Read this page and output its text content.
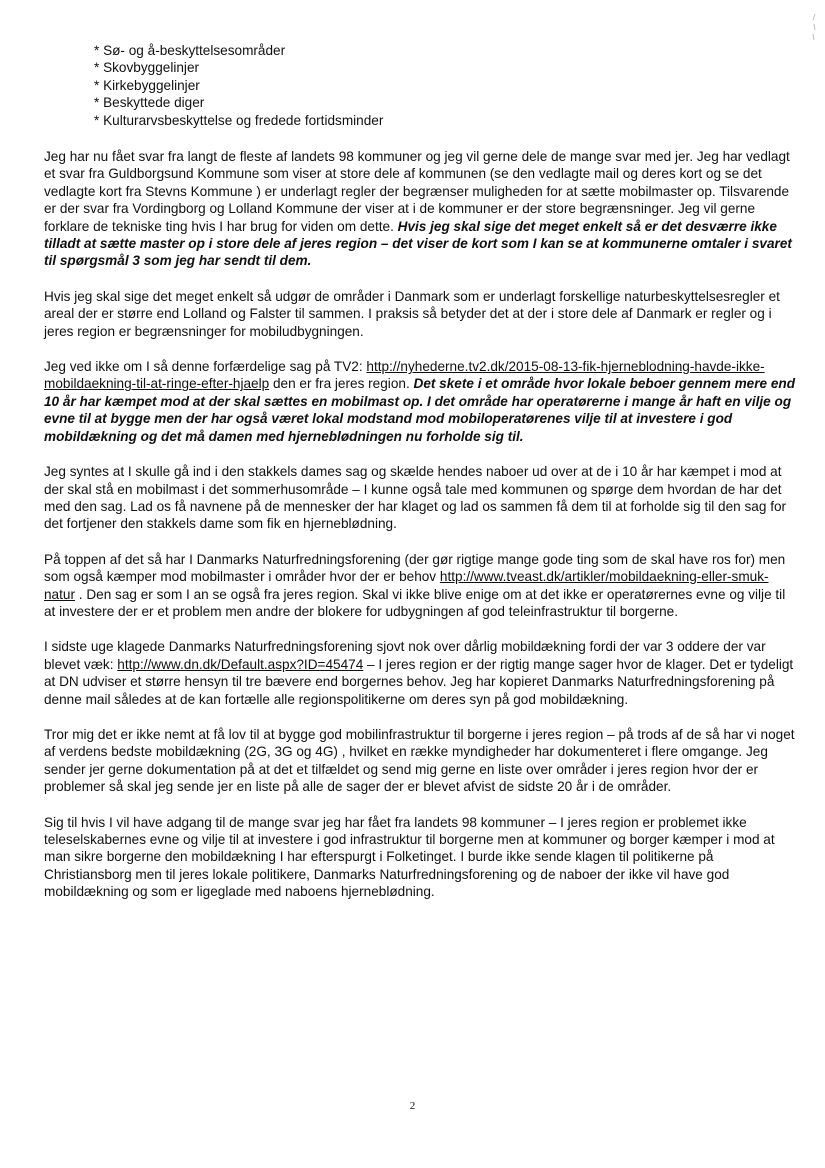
* Sø- og å-beskyttelsesområder
* Skovbyggelinjer
* Kirkebyggelinjer
* Beskyttede diger
* Kulturarvsbeskyttelse og fredede fortidsminder

Jeg har nu fået svar fra langt de fleste af landets 98 kommuner og jeg vil gerne dele de mange svar med jer. Jeg har vedlagt et svar fra Guldborgsund Kommune som viser at store dele af kommunen (se den vedlagte mail og deres kort og se det vedlagte kort fra Stevns Kommune ) er underlagt regler der begrænser muligheden for at sætte mobilmaster op. Tilsvarende er der svar fra Vordingborg og Lolland Kommune der viser at i de kommuner er der store begrænsninger. Jeg vil gerne forklare de tekniske ting hvis I har brug for viden om dette. Hvis jeg skal sige det meget enkelt så er det desværre ikke tilladt at sætte master op i store dele af jeres region – det viser de kort som I kan se at kommunerne omtaler i svaret til spørgsmål 3 som jeg har sendt til dem.

Hvis jeg skal sige det meget enkelt så udgør de områder i Danmark som er underlagt forskellige naturbeskyttelsesregler et areal der er større end Lolland og Falster til sammen. I praksis så betyder det at der i store dele af Danmark er regler og i jeres region er begrænsninger for mobiludbygningen.

Jeg ved ikke om I så denne forfærdelige sag på TV2: http://nyhederne.tv2.dk/2015-08-13-fik-hjerneblodning-havde-ikke-mobildaekning-til-at-ringe-efter-hjaelp den er fra jeres region. Det skete i et område hvor lokale beboer gennem mere end 10 år har kæmpet mod at der skal sættes en mobilmast op. I det område har operatørerne i mange år haft en vilje og evne til at bygge men der har også været lokal modstand mod mobiloperatørenes vilje til at investere i god mobildækning og det må damen med hjerneblødningen nu forholde sig til.

Jeg syntes at I skulle gå ind i den stakkels dames sag og skælde hendes naboer ud over at de i 10 år har kæmpet i mod at der skal stå en mobilmast i det sommerhusområde – I kunne også tale med kommunen og spørge dem hvordan de har det med den sag. Lad os få navnene på de mennesker der har klaget og lad os sammen få dem til at forholde sig til den sag for det fortjener den stakkels dame som fik en hjerneblødning.

På toppen af det så har I Danmarks Naturfredningsforening (der gør rigtige mange gode ting som de skal have ros for) men som også kæmper mod mobilmaster i områder hvor der er behov http://www.tveast.dk/artikler/mobildaekning-eller-smuk-natur . Den sag er som I an se også fra jeres region. Skal vi ikke blive enige om at det ikke er operatørernes evne og vilje til at investere der er et problem men andre der blokere for udbygningen af god teleinfrastruktur til borgerne.

I sidste uge klagede Danmarks Naturfredningsforening sjovt nok over dårlig mobildækning fordi der var 3 oddere der var blevet væk: http://www.dn.dk/Default.aspx?ID=45474 – I jeres region er der rigtig mange sager hvor de klager. Det er tydeligt at DN udviser et større hensyn til tre bævere end borgernes behov. Jeg har kopieret Danmarks Naturfredningsforening på denne mail således at de kan fortælle alle regionspolitikerne om deres syn på god mobildækning.

Tror mig det er ikke nemt at få lov til at bygge god mobilinfrastruktur til borgerne i jeres region – på trods af de så har vi noget af verdens bedste mobildækning (2G, 3G og 4G) , hvilket en række myndigheder har dokumenteret i flere omgange. Jeg sender jer gerne dokumentation på at det et tilfældet og send mig gerne en liste over områder i jeres region hvor der er problemer så skal jeg sende jer en liste på alle de sager der er blevet afvist de sidste 20 år i de områder.

Sig til hvis I vil have adgang til de mange svar jeg har fået fra landets 98 kommuner – I jeres region er problemet ikke teleselskabernes evne og vilje til at investere i god infrastruktur til borgerne men at kommuner og borger kæmper i mod at man sikre borgerne den mobildækning I har efterspurgt i Folketinget. I burde ikke sende klagen til politikerne på Christiansborg men til jeres lokale politikere, Danmarks Naturfredningsforening og de naboer der ikke vil have god mobildækning og som er ligeglade med naboens hjerneblødning.

2
